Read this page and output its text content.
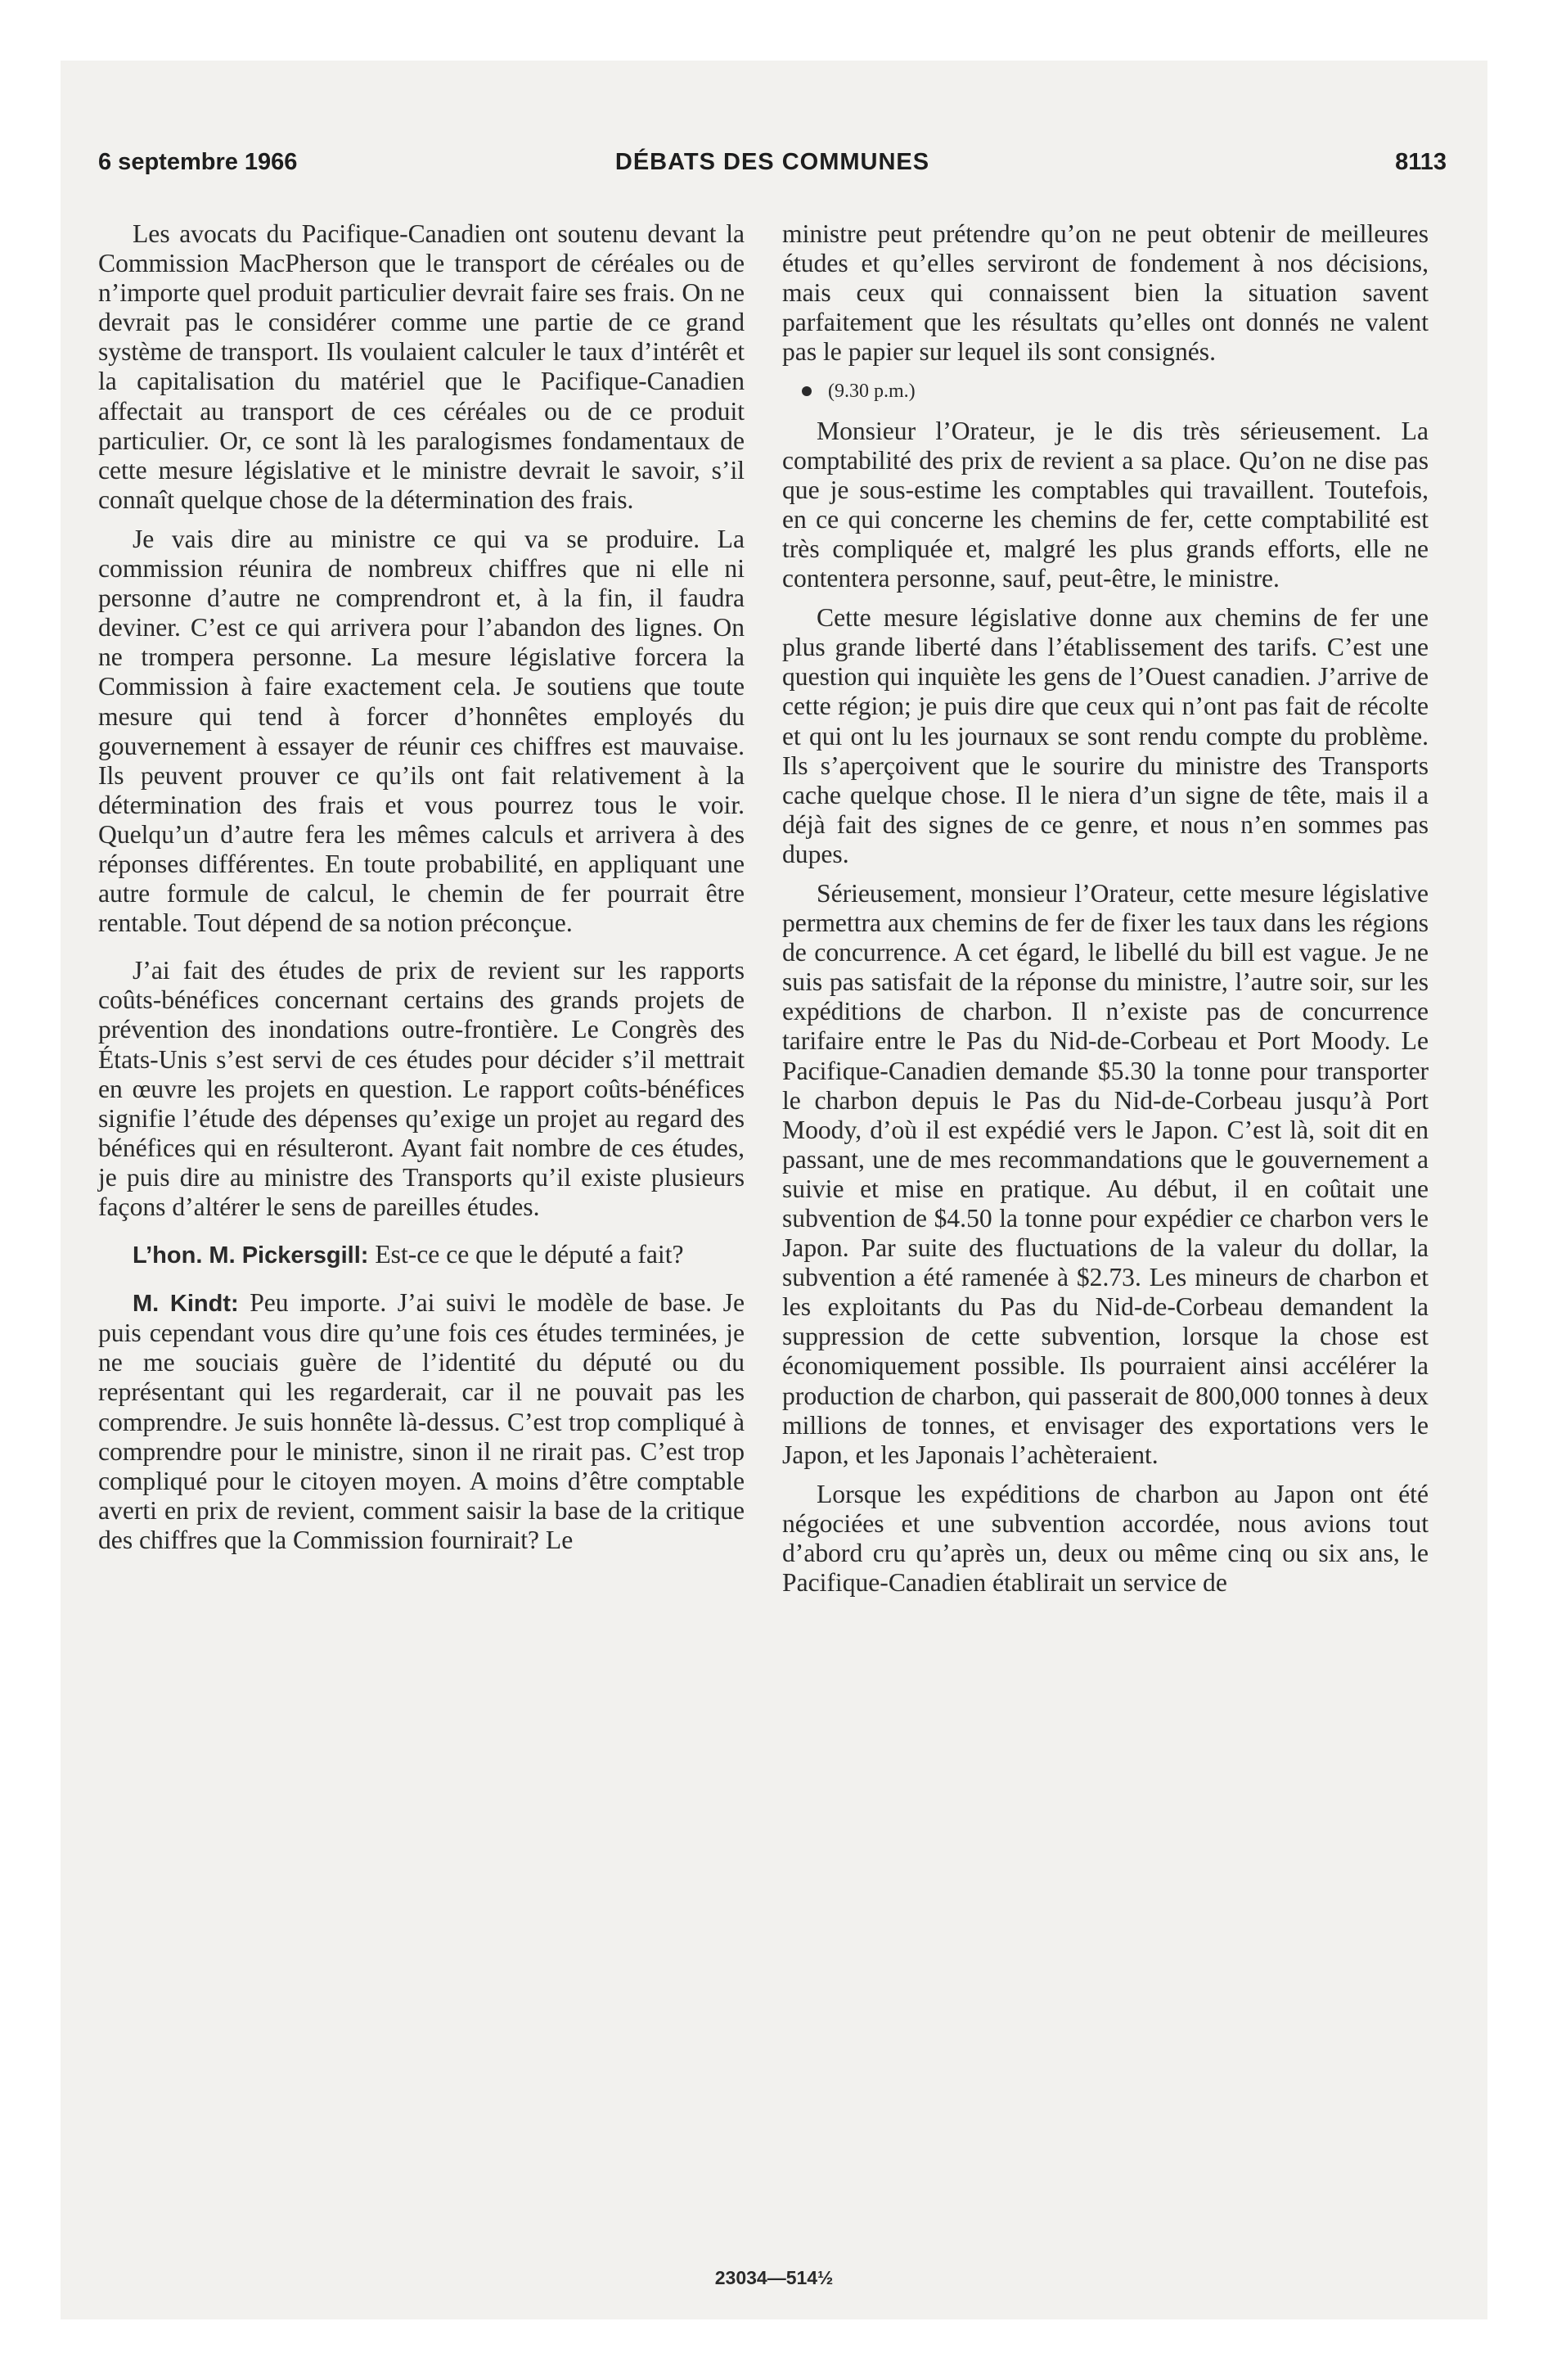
6 septembre 1966	DÉBATS DES COMMUNES	8113

Les avocats du Pacifique-Canadien ont soutenu devant la Commission MacPherson que le transport de céréales ou de n’importe quel produit particulier devrait faire ses frais. On ne devrait pas le considérer comme une partie de ce grand système de transport. Ils voulaient calculer le taux d’intérêt et la capitalisation du matériel que le Pacifique-Canadien affectait au transport de ces céréales ou de ce produit particulier. Or, ce sont là les paralogismes fondamentaux de cette mesure législative et le ministre devrait le savoir, s’il connaît quelque chose de la détermination des frais.

Je vais dire au ministre ce qui va se produire. La commission réunira de nombreux chiffres que ni elle ni personne d’autre ne comprendront et, à la fin, il faudra deviner. C’est ce qui arrivera pour l’abandon des lignes. On ne trompera personne. La mesure législative forcera la Commission à faire exactement cela. Je soutiens que toute mesure qui tend à forcer d’honnêtes employés du gouvernement à essayer de réunir ces chiffres est mauvaise. Ils peuvent prouver ce qu’ils ont fait relativement à la détermination des frais et vous pourrez tous le voir. Quelqu’un d’autre fera les mêmes calculs et arrivera à des réponses différentes. En toute probabilité, en appliquant une autre formule de calcul, le chemin de fer pourrait être rentable. Tout dépend de sa notion préconçue.

J’ai fait des études de prix de revient sur les rapports coûts-bénéfices concernant certains des grands projets de prévention des inondations outre-frontière. Le Congrès des États-Unis s’est servi de ces études pour décider s’il mettrait en œuvre les projets en question. Le rapport coûts-bénéfices signifie l’étude des dépenses qu’exige un projet au regard des bénéfices qui en résulteront. Ayant fait nombre de ces études, je puis dire au ministre des Transports qu’il existe plusieurs façons d’altérer le sens de pareilles études.

L’hon. M. Pickersgill: Est-ce ce que le député a fait?

M. Kindt: Peu importe. J’ai suivi le modèle de base. Je puis cependant vous dire qu’une fois ces études terminées, je ne me souciais guère de l’identité du député ou du représentant qui les regarderait, car il ne pouvait pas les comprendre. Je suis honnête là-dessus. C’est trop compliqué à comprendre pour le ministre, sinon il ne rirait pas. C’est trop compliqué pour le citoyen moyen. A moins d’être comptable averti en prix de revient, comment saisir la base de la critique des chiffres que la Commission fournirait? Le

ministre peut prétendre qu’on ne peut obtenir de meilleures études et qu’elles serviront de fondement à nos décisions, mais ceux qui connaissent bien la situation savent parfaitement que les résultats qu’elles ont donnés ne valent pas le papier sur lequel ils sont consignés.

(9.30 p.m.)

Monsieur l’Orateur, je le dis très sérieusement. La comptabilité des prix de revient a sa place. Qu’on ne dise pas que je sous-estime les comptables qui travaillent. Toutefois, en ce qui concerne les chemins de fer, cette comptabilité est très compliquée et, malgré les plus grands efforts, elle ne contentera personne, sauf, peut-être, le ministre.

Cette mesure législative donne aux chemins de fer une plus grande liberté dans l’établissement des tarifs. C’est une question qui inquiète les gens de l’Ouest canadien. J’arrive de cette région; je puis dire que ceux qui n’ont pas fait de récolte et qui ont lu les journaux se sont rendu compte du problème. Ils s’aperçoivent que le sourire du ministre des Transports cache quelque chose. Il le niera d’un signe de tête, mais il a déjà fait des signes de ce genre, et nous n’en sommes pas dupes.

Sérieusement, monsieur l’Orateur, cette mesure législative permettra aux chemins de fer de fixer les taux dans les régions de concurrence. A cet égard, le libellé du bill est vague. Je ne suis pas satisfait de la réponse du ministre, l’autre soir, sur les expéditions de charbon. Il n’existe pas de concurrence tarifaire entre le Pas du Nid-de-Corbeau et Port Moody. Le Pacifique-Canadien demande $5.30 la tonne pour transporter le charbon depuis le Pas du Nid-de-Corbeau jusqu’à Port Moody, d’où il est expédié vers le Japon. C’est là, soit dit en passant, une de mes recommandations que le gouvernement a suivie et mise en pratique. Au début, il en coûtait une subvention de $4.50 la tonne pour expédier ce charbon vers le Japon. Par suite des fluctuations de la valeur du dollar, la subvention a été ramenée à $2.73. Les mineurs de charbon et les exploitants du Pas du Nid-de-Corbeau demandent la suppression de cette subvention, lorsque la chose est économiquement possible. Ils pourraient ainsi accélérer la production de charbon, qui passerait de 800,000 tonnes à deux millions de tonnes, et envisager des exportations vers le Japon, et les Japonais l’achèteraient.

Lorsque les expéditions de charbon au Japon ont été négociées et une subvention accordée, nous avions tout d’abord cru qu’après un, deux ou même cinq ou six ans, le Pacifique-Canadien établirait un service de

23034—514½
